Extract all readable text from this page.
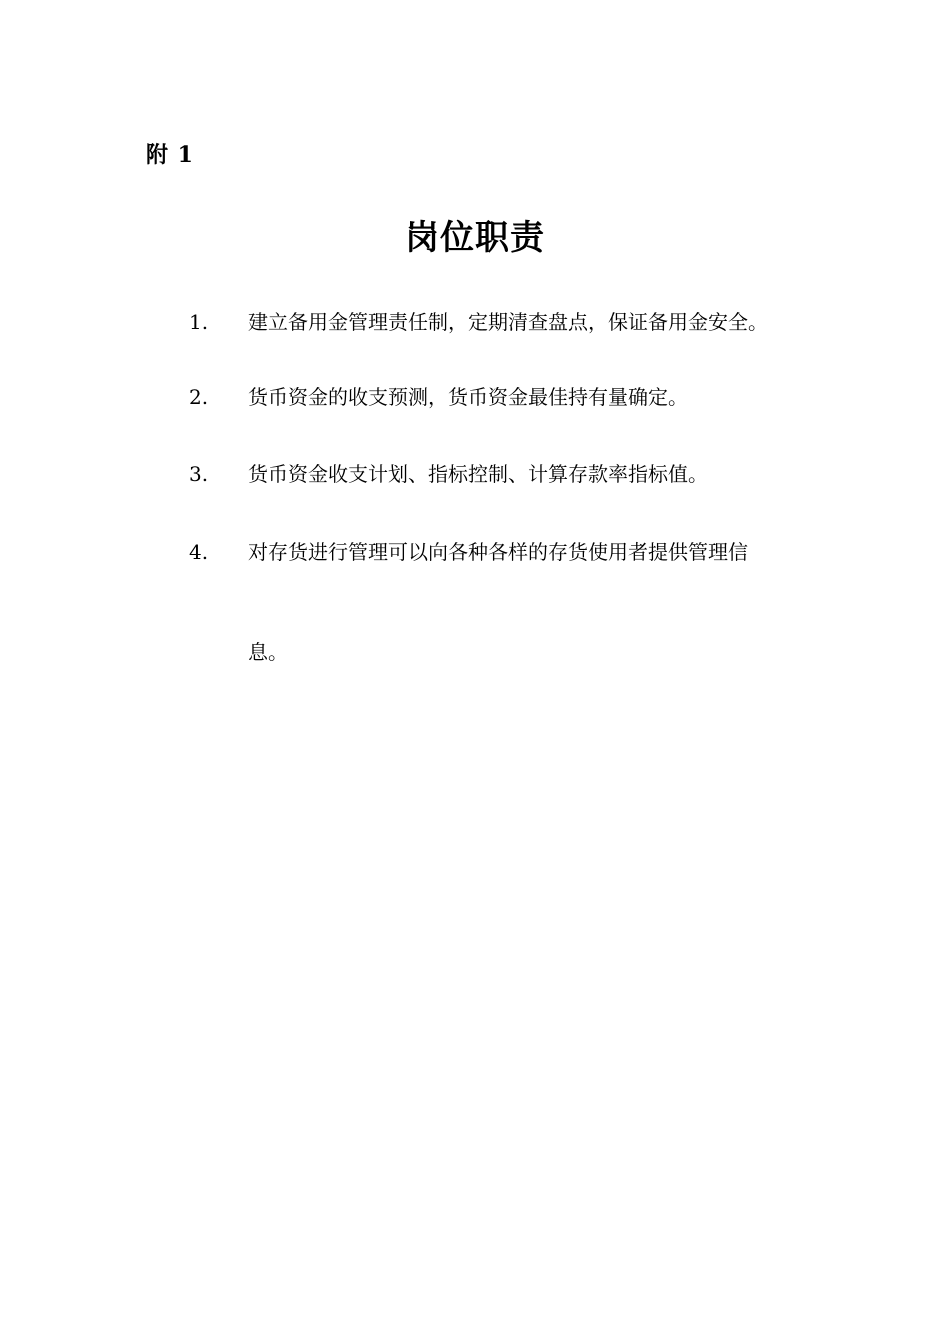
附 1
岗位职责
1.	建立备用金管理责任制，定期清查盘点，保证备用金安全。
2.	货币资金的收支预测，货币资金最佳持有量确定。
3.	货币资金收支计划、指标控制、计算存款率指标值。
4.	对存货进行管理可以向各种各样的存货使用者提供管理信
息。
